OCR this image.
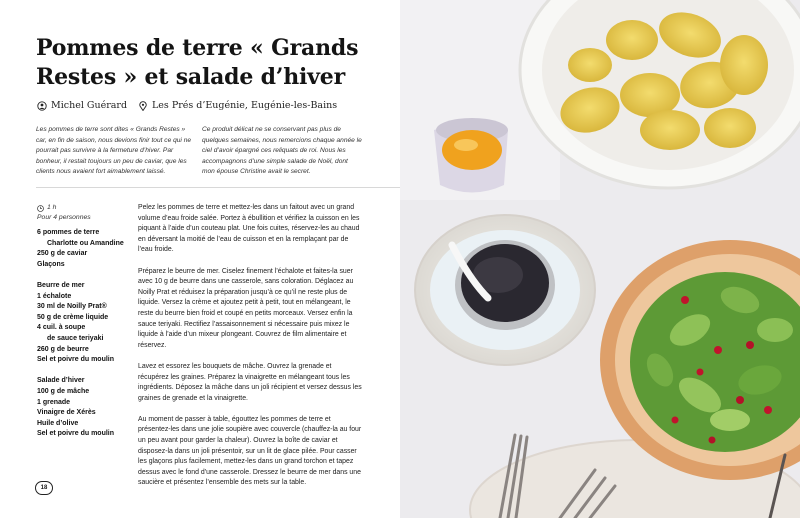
Pommes de terre « Grands Restes » et salade d’hiver
Michel Guérard	Les Prés d’Eugénie, Eugénie-les-Bains

Les pommes de terre sont dites « Grands Restes » car, en fin de saison, nous devions finir tout ce qui ne pourrait pas survivre à la fermeture d’hiver. Par bonheur, il restait toujours un peu de caviar, que les clients nous avaient fort aimablement laissé.

Ce produit délicat ne se conservant pas plus de quelques semaines, nous remercions chaque année le ciel d’avoir épargné ces reliquats de roi. Nous les accompagnons d’une simple salade de Noël, dont mon épouse Christine avait le secret.

1 h
Pour 4 personnes
6 pommes de terre
Charlotte ou Amandine
250 g de caviar
Glaçons
Beurre de mer
1 échalote
30 ml de Noilly Prat®
50 g de crème liquide
4 cuil. à soupe
de sauce teriyaki
260 g de beurre
Sel et poivre du moulin
Salade d’hiver
100 g de mâche
1 grenade
Vinaigre de Xérès
Huile d’olive
Sel et poivre du moulin

Pelez les pommes de terre et mettez-les dans un faitout avec un grand volume d’eau froide salée. Portez à ébullition et vérifiez la cuisson en les piquant à l’aide d’un couteau plat. Une fois cuites, réservez-les au chaud en déversant la moitié de l’eau de cuisson et en la remplaçant par de l’eau froide.

Préparez le beurre de mer. Ciselez finement l’échalote et faites-la suer avec 10 g de beurre dans une casserole, sans coloration. Déglacez au Noilly Prat et réduisez la préparation jusqu’à ce qu’il ne reste plus de liquide. Versez la crème et ajoutez petit à petit, tout en mélangeant, le reste du beurre bien froid et coupé en petits morceaux. Versez enfin la sauce teriyaki. Rectifiez l’assaisonnement si nécessaire puis mixez le liquide à l’aide d’un mixeur plongeant. Couvrez de film alimentaire et réservez.

Lavez et essorez les bouquets de mâche. Ouvrez la grenade et récupérez les graines. Préparez la vinaigrette en mélangeant tous les ingrédients. Déposez la mâche dans un joli récipient et versez dessus les graines de grenade et la vinaigrette.

Au moment de passer à table, égouttez les pommes de terre et présentez-les dans une jolie soupière avec couvercle (chauffez-la au four un peu avant pour garder la chaleur). Ouvrez la boîte de caviar et disposez-la dans un joli présentoir, sur un lit de glace pilée. Pour casser les glaçons plus facilement, mettez-les dans un grand torchon et tapez dessus avec le fond d’une casserole. Dressez le beurre de mer dans une saucière et présentez l’ensemble des mets sur la table.

18
